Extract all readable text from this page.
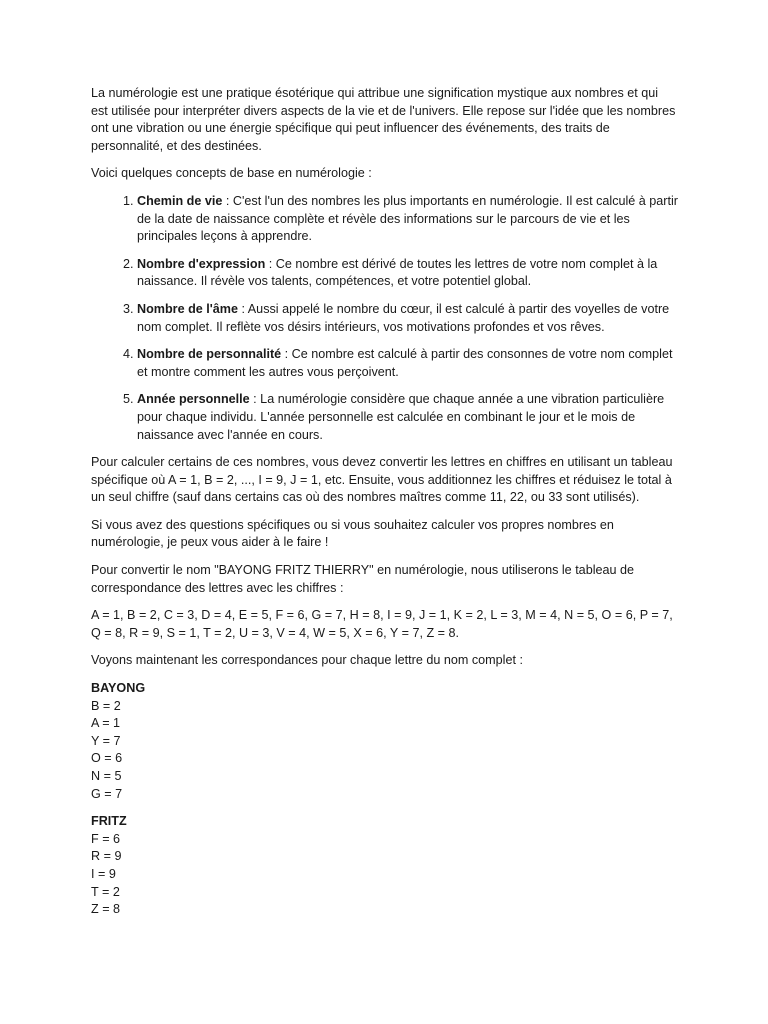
La numérologie est une pratique ésotérique qui attribue une signification mystique aux nombres et qui est utilisée pour interpréter divers aspects de la vie et de l'univers. Elle repose sur l'idée que les nombres ont une vibration ou une énergie spécifique qui peut influencer des événements, des traits de personnalité, et des destinées.

Voici quelques concepts de base en numérologie :

1. Chemin de vie : C'est l'un des nombres les plus importants en numérologie. Il est calculé à partir de la date de naissance complète et révèle des informations sur le parcours de vie et les principales leçons à apprendre.
2. Nombre d'expression : Ce nombre est dérivé de toutes les lettres de votre nom complet à la naissance. Il révèle vos talents, compétences, et votre potentiel global.
3. Nombre de l'âme : Aussi appelé le nombre du cœur, il est calculé à partir des voyelles de votre nom complet. Il reflète vos désirs intérieurs, vos motivations profondes et vos rêves.
4. Nombre de personnalité : Ce nombre est calculé à partir des consonnes de votre nom complet et montre comment les autres vous perçoivent.
5. Année personnelle : La numérologie considère que chaque année a une vibration particulière pour chaque individu. L'année personnelle est calculée en combinant le jour et le mois de naissance avec l'année en cours.

Pour calculer certains de ces nombres, vous devez convertir les lettres en chiffres en utilisant un tableau spécifique où A = 1, B = 2, ..., I = 9, J = 1, etc. Ensuite, vous additionnez les chiffres et réduisez le total à un seul chiffre (sauf dans certains cas où des nombres maîtres comme 11, 22, ou 33 sont utilisés).

Si vous avez des questions spécifiques ou si vous souhaitez calculer vos propres nombres en numérologie, je peux vous aider à le faire !

Pour convertir le nom "BAYONG FRITZ THIERRY" en numérologie, nous utiliserons le tableau de correspondance des lettres avec les chiffres :

A = 1, B = 2, C = 3, D = 4, E = 5, F = 6, G = 7, H = 8, I = 9, J = 1, K = 2, L = 3, M = 4, N = 5, O = 6, P = 7, Q = 8, R = 9, S = 1, T = 2, U = 3, V = 4, W = 5, X = 6, Y = 7, Z = 8.

Voyons maintenant les correspondances pour chaque lettre du nom complet :

BAYONG
B = 2
A = 1
Y = 7
O = 6
N = 5
G = 7
FRITZ
F = 6
R = 9
I = 9
T = 2
Z = 8
